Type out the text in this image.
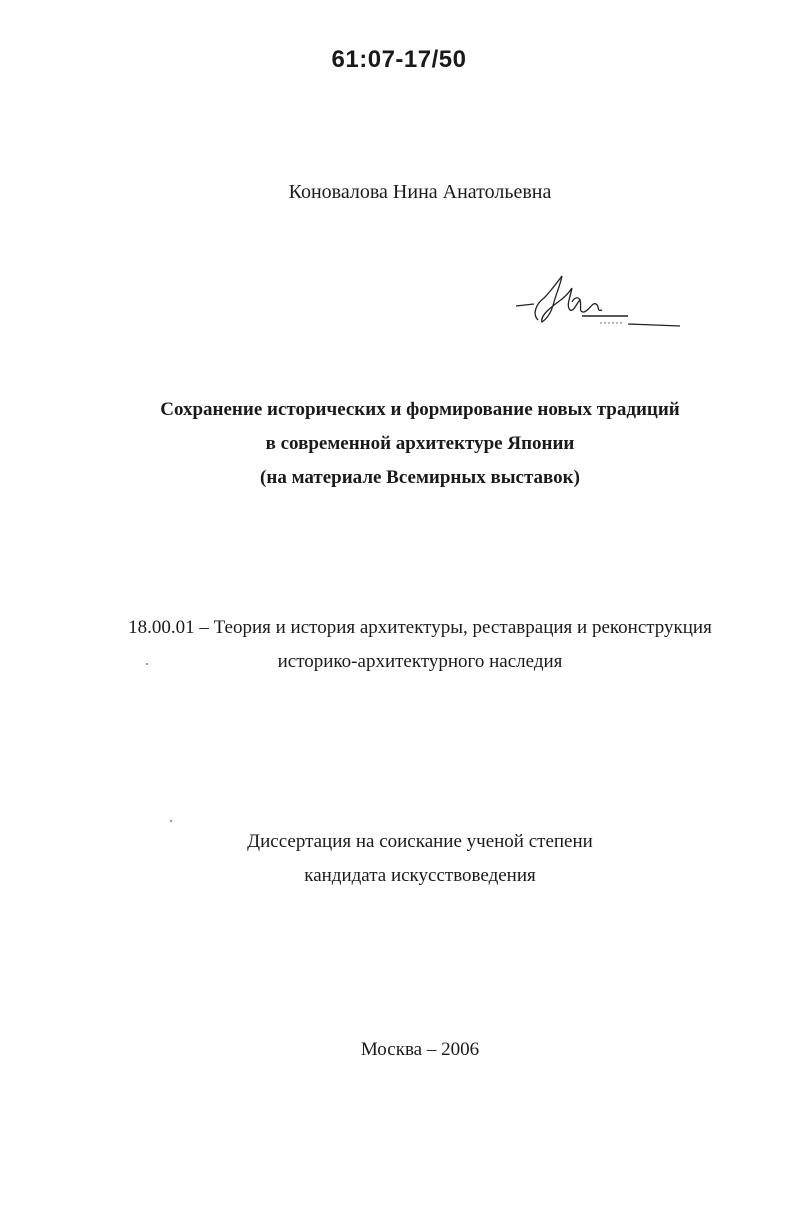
61:07-17/50
Коновалова Нина Анатольевна
Сохранение исторических и формирование новых традиций
в современной архитектуре Японии
(на материале Всемирных выставок)
18.00.01 – Теория и история архитектуры, реставрация и реконструкция
историко-архитектурного наследия
Диссертация на соискание ученой степени
кандидата искусствоведения
Москва – 2006
